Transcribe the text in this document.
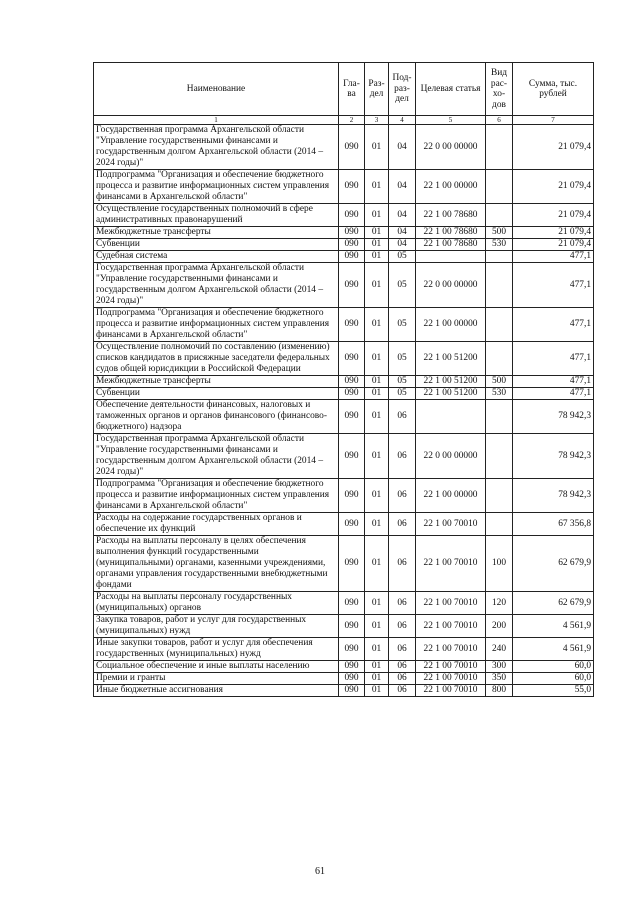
Наименование	Гла-ва	Раз-дел	Под-раз-дел	Целевая статья	Вид рас-хо-дов	Сумма, тыс. рублей
1	2	3	4	5	6	7
Государственная программа Архангельской области "Управление государственными финансами и государственным долгом Архангельской области (2014 – 2024 годы)"	090	01	04	22 0 00 00000		21 079,4
Подпрограмма "Организация и обеспечение бюджетного процесса и развитие информационных систем управления финансами в Архангельской области"	090	01	04	22 1 00 00000		21 079,4
Осуществление государственных полномочий в сфере административных правонарушений	090	01	04	22 1 00 78680		21 079,4
Межбюджетные трансферты	090	01	04	22 1 00 78680	500	21 079,4
Субвенции	090	01	04	22 1 00 78680	530	21 079,4
Судебная система	090	01	05			477,1
Государственная программа Архангельской области "Управление государственными финансами и государственным долгом Архангельской области (2014 – 2024 годы)"	090	01	05	22 0 00 00000		477,1
Подпрограмма "Организация и обеспечение бюджетного процесса и развитие информационных систем управления финансами в Архангельской области"	090	01	05	22 1 00 00000		477,1
Осуществление полномочий по составлению (изменению) списков кандидатов в присяжные заседатели федеральных судов общей юрисдикции в Российской Федерации	090	01	05	22 1 00 51200		477,1
Межбюджетные трансферты	090	01	05	22 1 00 51200	500	477,1
Субвенции	090	01	05	22 1 00 51200	530	477,1
Обеспечение деятельности финансовых, налоговых и таможенных органов и органов финансового (финансово-бюджетного) надзора	090	01	06			78 942,3
Государственная программа Архангельской области "Управление государственными финансами и государственным долгом Архангельской области (2014 – 2024 годы)"	090	01	06	22 0 00 00000		78 942,3
Подпрограмма "Организация и обеспечение бюджетного процесса и развитие информационных систем управления финансами в Архангельской области"	090	01	06	22 1 00 00000		78 942,3
Расходы на содержание государственных органов и обеспечение их функций	090	01	06	22 1 00 70010		67 356,8
Расходы на выплаты персоналу в целях обеспечения выполнения функций государственными (муниципальными) органами, казенными учреждениями, органами управления государственными внебюджетными фондами	090	01	06	22 1 00 70010	100	62 679,9
Расходы на выплаты персоналу государственных (муниципальных) органов	090	01	06	22 1 00 70010	120	62 679,9
Закупка товаров, работ и услуг для государственных (муниципальных) нужд	090	01	06	22 1 00 70010	200	4 561,9
Иные закупки товаров, работ и услуг для обеспечения государственных (муниципальных) нужд	090	01	06	22 1 00 70010	240	4 561,9
Социальное обеспечение и иные выплаты населению	090	01	06	22 1 00 70010	300	60,0
Премии и гранты	090	01	06	22 1 00 70010	350	60,0
Иные бюджетные ассигнования	090	01	06	22 1 00 70010	800	55,0
61
